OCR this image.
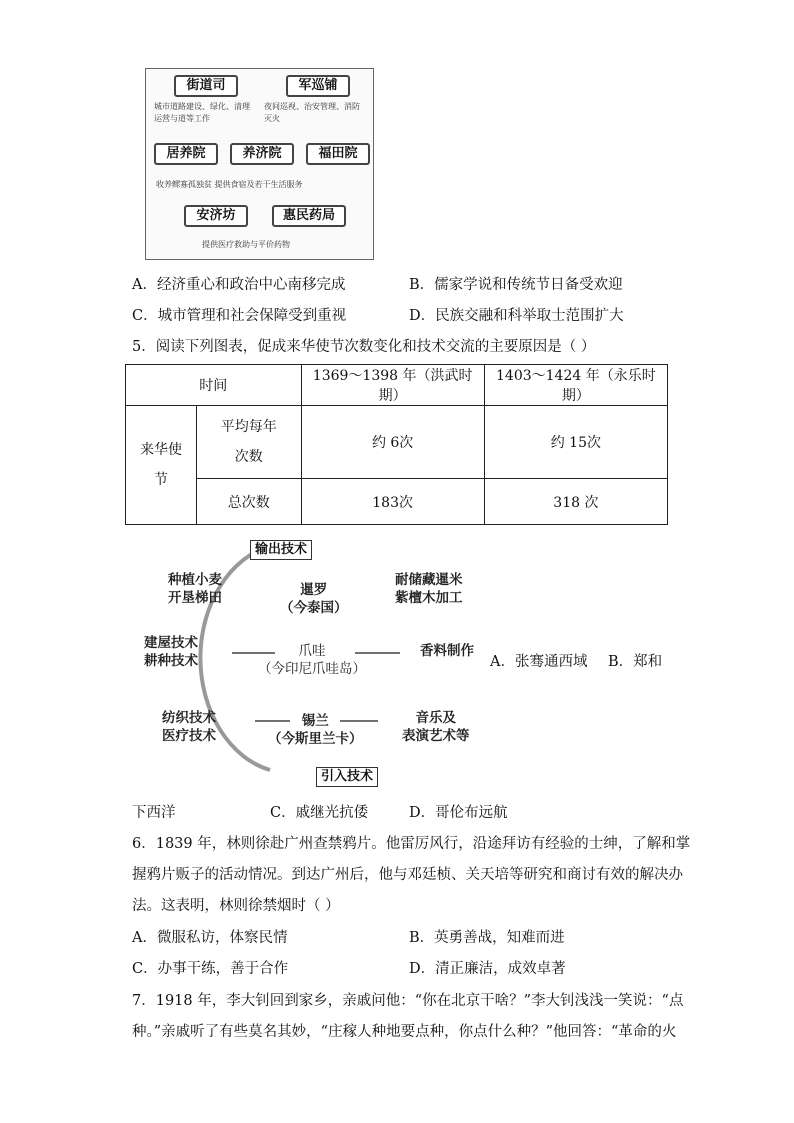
街道司	军巡铺
城市道路建设、绿化、清理运营与道等工作
夜间巡视、治安管理、消防灭火
居养院	养济院	福田院
收养鳏寡孤独贫 提供食宿及若干生活服务
安济坊	惠民药局
提供医疗救助与平价药物
A．经济重心和政治中心南移完成	B．儒家学说和传统节日备受欢迎
C．城市管理和社会保障受到重视	D．民族交融和科举取士范围扩大
5．阅读下列图表，促成来华使节次数变化和技术交流的主要原因是（ ）
时间		1369～1398 年（洪武时期）	1403～1424 年（永乐时期）
来华使节	平均每年次数	约 6次	约 15次
	总次数	183次	318 次
输出技术
引入技术
种植小麦
开垦梯田
建屋技术
耕种技术
纺织技术
医疗技术
暹罗
（今泰国）
爪哇
（今印尼爪哇岛）
锡兰
（今斯里兰卡）
耐储藏暹米
紫檀木加工
香料制作
音乐及
表演艺术等
A．张骞通西域 B．郑和
下西洋	C．戚继光抗倭	D．哥伦布远航
6．1839 年，林则徐赴广州查禁鸦片。他雷厉风行，沿途拜访有经验的士绅，了解和掌
握鸦片贩子的活动情况。到达广州后，他与邓廷桢、关天培等研究和商讨有效的解决办
法。这表明，林则徐禁烟时（ ）
A．微服私访，体察民情	B．英勇善战，知难而进
C．办事干练，善于合作	D．清正廉洁，成效卓著
7．1918 年，李大钊回到家乡，亲戚问他：“你在北京干啥？”李大钊浅浅一笑说：“点
种。”亲戚听了有些莫名其妙，“庄稼人种地要点种，你点什么种？”他回答：“革命的火
